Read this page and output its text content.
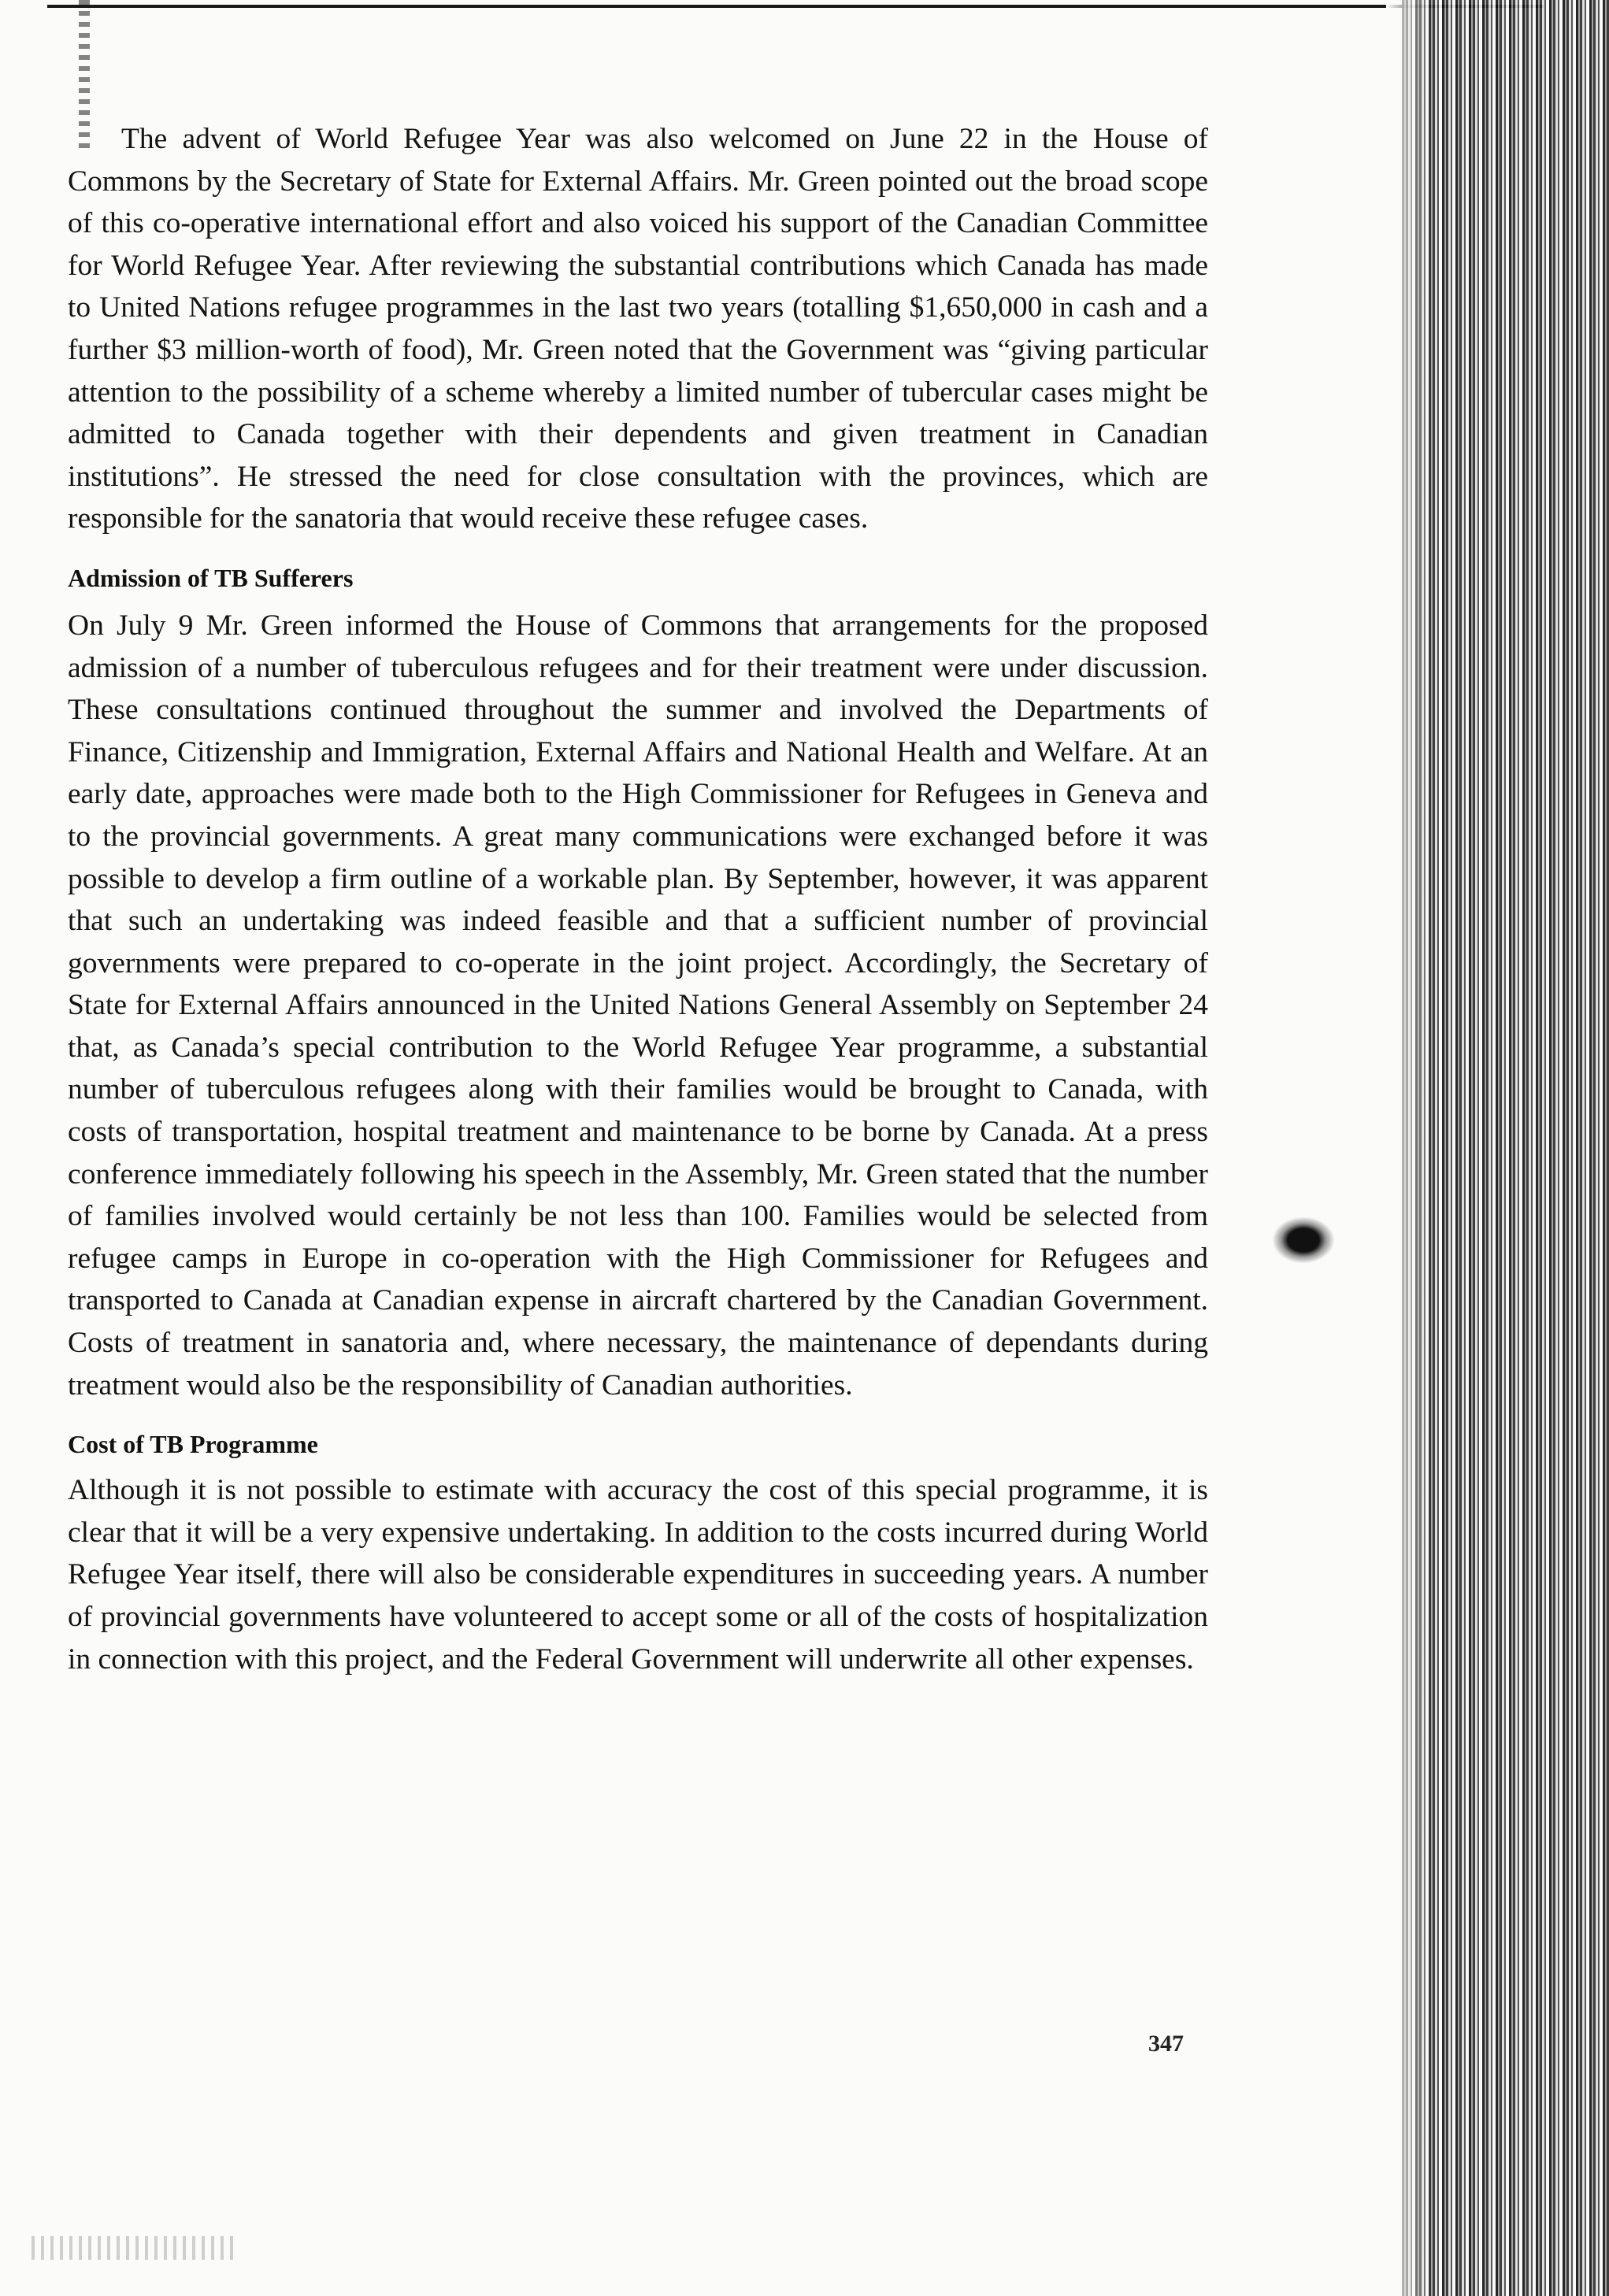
The advent of World Refugee Year was also welcomed on June 22 in the House of Commons by the Secretary of State for External Affairs. Mr. Green pointed out the broad scope of this co-operative international effort and also voiced his support of the Canadian Committee for World Refugee Year. After reviewing the substantial contributions which Canada has made to United Nations refugee programmes in the last two years (totalling $1,650,000 in cash and a further $3 million-worth of food), Mr. Green noted that the Government was “giving particular attention to the possibility of a scheme whereby a limited number of tubercular cases might be admitted to Canada together with their dependents and given treatment in Canadian institutions”. He stressed the need for close consultation with the provinces, which are responsible for the sanatoria that would receive these refugee cases.

Admission of TB Sufferers

On July 9 Mr. Green informed the House of Commons that arrangements for the proposed admission of a number of tuberculous refugees and for their treatment were under discussion. These consultations continued throughout the summer and involved the Departments of Finance, Citizenship and Immigration, External Affairs and National Health and Welfare. At an early date, approaches were made both to the High Commissioner for Refugees in Geneva and to the provincial governments. A great many communications were exchanged before it was possible to develop a firm outline of a workable plan. By September, however, it was apparent that such an undertaking was indeed feasible and that a sufficient number of provincial governments were prepared to co-operate in the joint project. Accordingly, the Secretary of State for External Affairs announced in the United Nations General Assembly on September 24 that, as Canada’s special contribution to the World Refugee Year programme, a substantial number of tuberculous refugees along with their families would be brought to Canada, with costs of transportation, hospital treatment and maintenance to be borne by Canada. At a press conference immediately following his speech in the Assembly, Mr. Green stated that the number of families involved would certainly be not less than 100. Families would be selected from refugee camps in Europe in co-operation with the High Commissioner for Refugees and transported to Canada at Canadian expense in aircraft chartered by the Canadian Government. Costs of treatment in sanatoria and, where necessary, the maintenance of dependants during treatment would also be the responsibility of Canadian authorities.

Cost of TB Programme

Although it is not possible to estimate with accuracy the cost of this special programme, it is clear that it will be a very expensive undertaking. In addition to the costs incurred during World Refugee Year itself, there will also be considerable expenditures in succeeding years. A number of provincial governments have volunteered to accept some or all of the costs of hospitalization in connection with this project, and the Federal Government will underwrite all other expenses.

347
